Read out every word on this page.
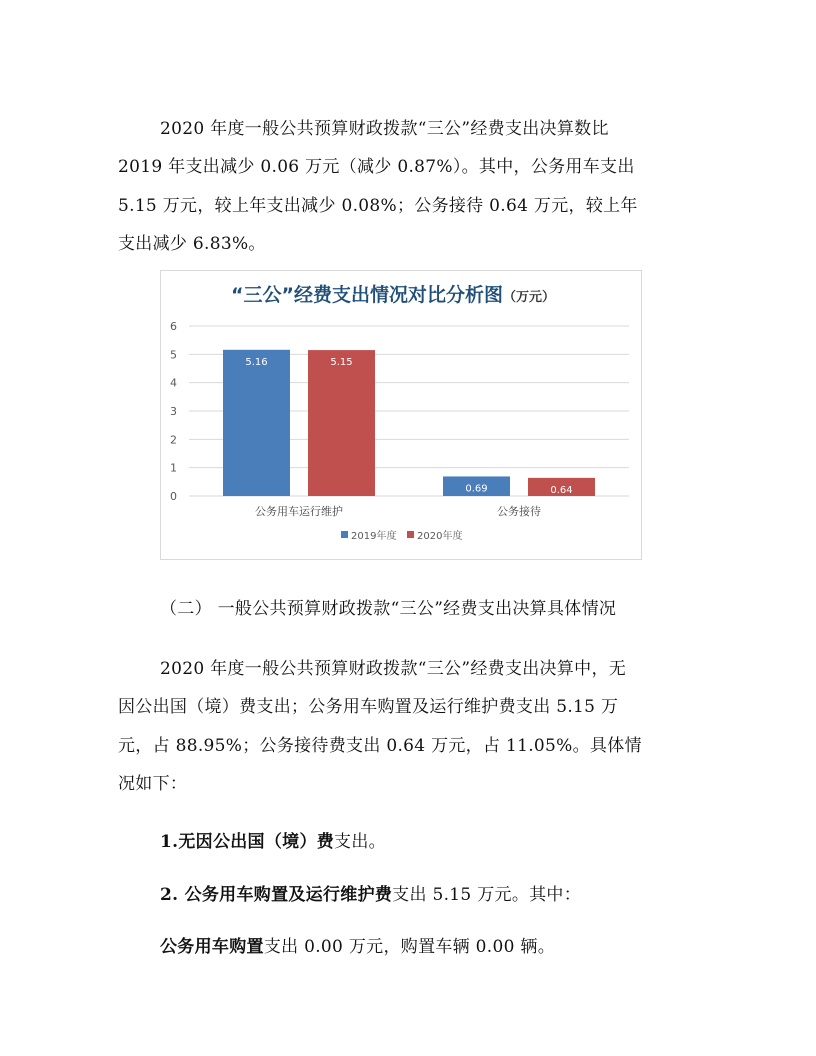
2020 年度一般公共预算财政拨款“三公”经费支出决算数比
2019 年支出减少 0.06 万元（减少 0.87%）。其中，公务用车支出
5.15 万元，较上年支出减少 0.08%；公务接待 0.64 万元，较上年
支出减少 6.83%。
“三公”经费支出情况对比分析图（万元）
0
1
2
3
4
5
6
5.16	5.15
公务用车运行维护
0.69	0.64
公务接待
2019年度 2020年度
（二） 一般公共预算财政拨款“三公”经费支出决算具体情况
2020 年度一般公共预算财政拨款“三公”经费支出决算中，无
因公出国（境）费支出；公务用车购置及运行维护费支出 5.15 万
元，占 88.95%；公务接待费支出 0.64 万元，占 11.05%。具体情
况如下：
1.无因公出国（境）费支出。
2. 公务用车购置及运行维护费支出 5.15 万元。其中：
公务用车购置支出 0.00 万元，购置车辆 0.00 辆。
